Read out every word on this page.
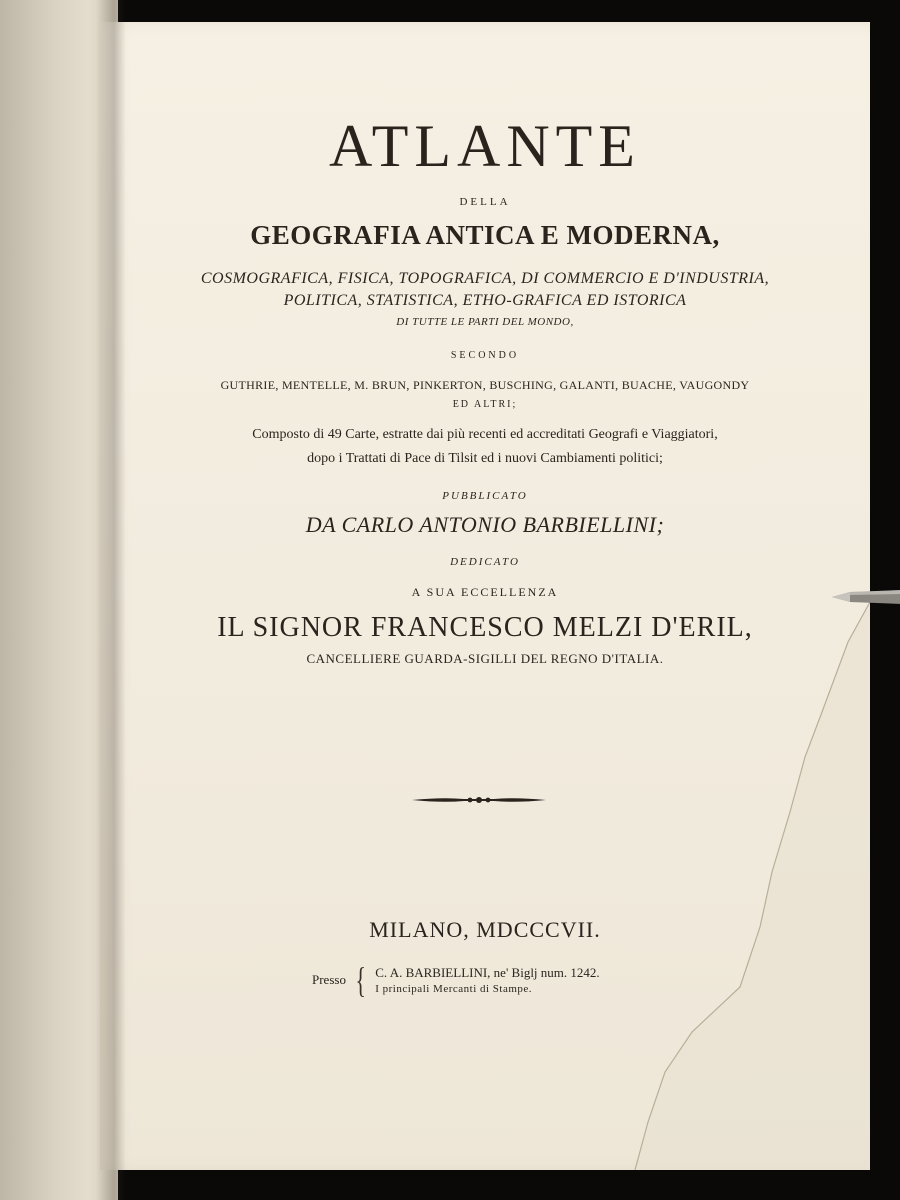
ATLANTE

DELLA

GEOGRAFIA ANTICA E MODERNA,

COSMOGRAFICA, FISICA, TOPOGRAFICA, DI COMMERCIO E D'INDUSTRIA,

POLITICA, STATISTICA, ETHO-GRAFICA ED ISTORICA

DI TUTTE LE PARTI DEL MONDO,

SECONDO

GUTHRIE, MENTELLE, M. BRUN, PINKERTON, BUSCHING, GALANTI, BUACHE, VAUGONDY

ED ALTRI;

Composto di 49 Carte, estratte dai più recenti ed accreditati Geografi e Viaggiatori,

dopo i Trattati di Pace di Tilsit ed i nuovi Cambiamenti politici;

PUBBLICATO

DA CARLO ANTONIO BARBIELLINI;

DEDICATO

A SUA ECCELLENZA

IL SIGNOR FRANCESCO MELZI D'ERIL,

CANCELLIERE GUARDA-SIGILLI DEL REGNO D'ITALIA.

MILANO, MDCCCVII.

Presso { C. A. BARBIELLINI, ne' Biglj num. 1242.
I principali Mercanti di Stampe.
